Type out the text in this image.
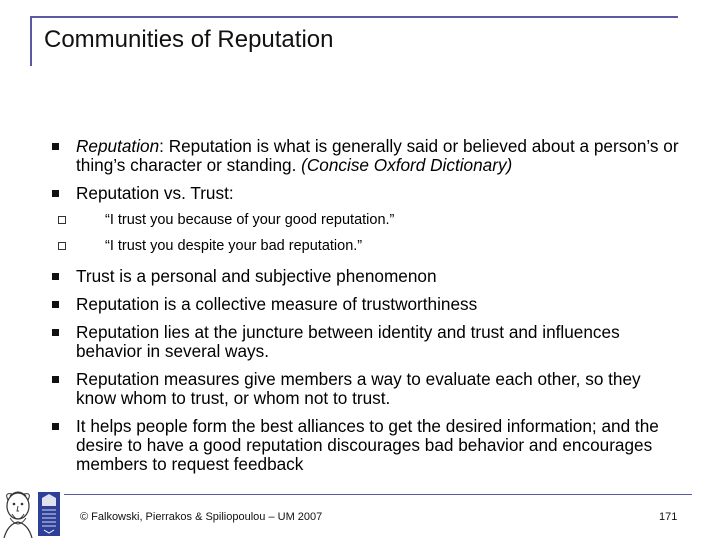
Communities of Reputation
Reputation: Reputation is what is generally said or believed about a person’s or thing’s character or standing. (Concise Oxford Dictionary)
Reputation vs. Trust:
“I trust you because of your good reputation.”
“I trust you despite your bad reputation.”
Trust is a personal and subjective phenomenon
Reputation is a collective measure of trustworthiness
Reputation lies at the juncture between identity and trust and influences behavior in several ways.
Reputation measures give members a way to evaluate each other, so they know whom to trust, or whom not to trust.
It helps people form the best alliances to get the desired information; and the desire to have a good reputation discourages bad behavior and encourages members to request feedback
© Falkowski, Pierrakos & Spiliopoulou – UM 2007	171
